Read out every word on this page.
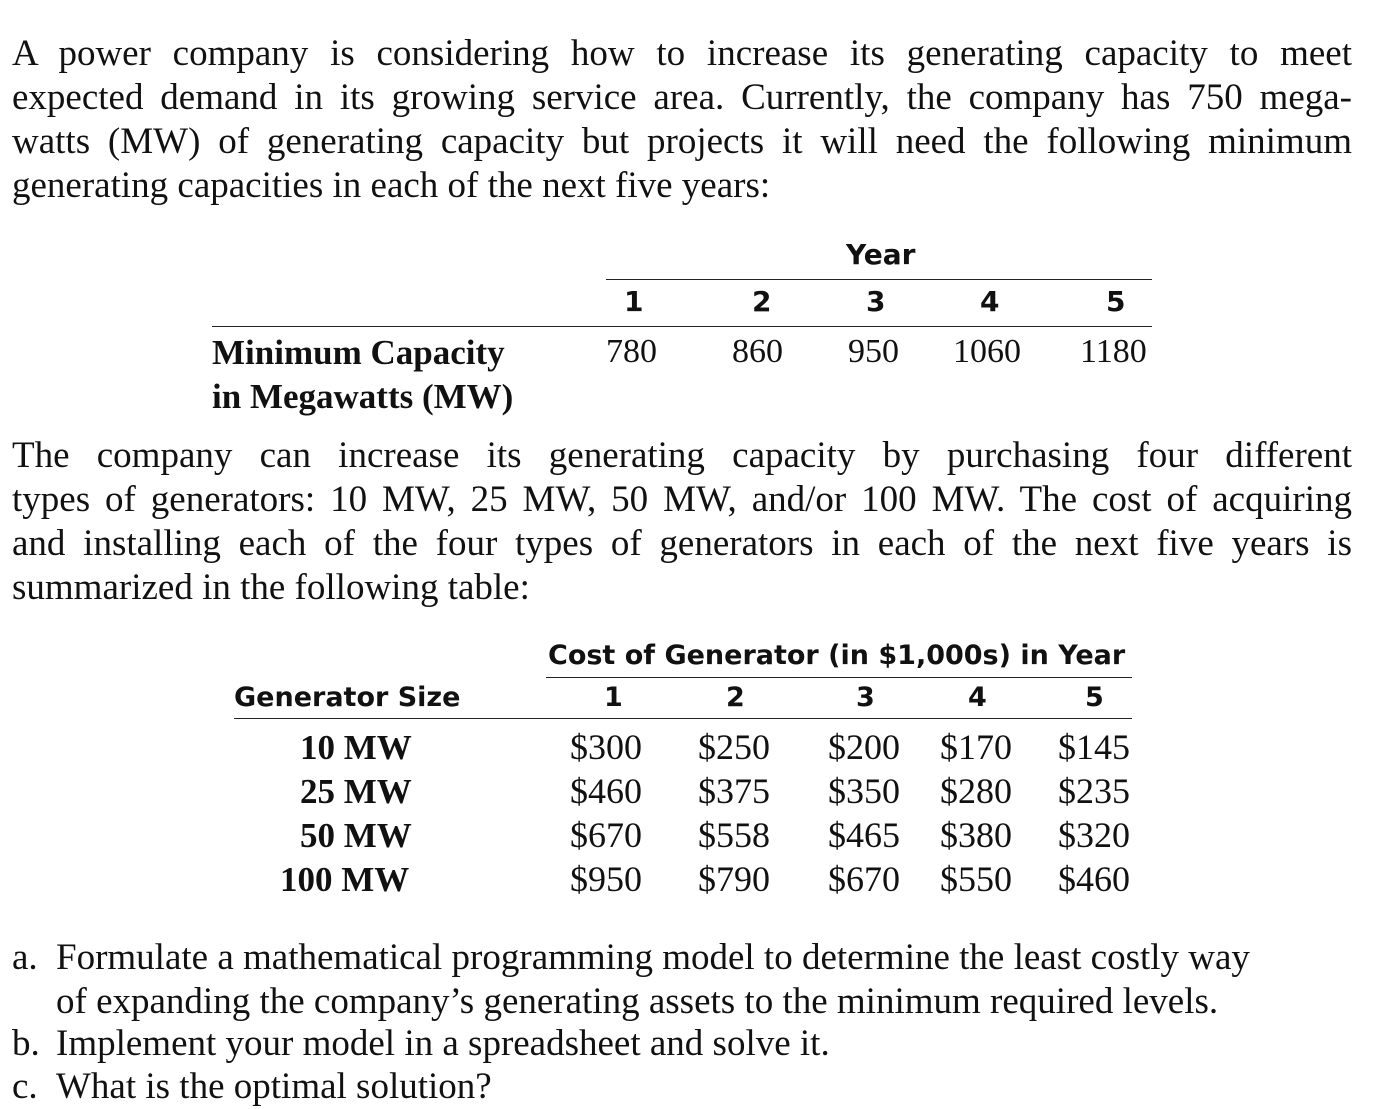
A power company is considering how to increase its generating capacity to meet
expected demand in its growing service area. Currently, the company has 750 mega-
watts (MW) of generating capacity but projects it will need the following minimum
generating capacities in each of the next five years:
Year
1	2	3	4	5
Minimum Capacity
in Megawatts (MW)
780 860 950 1060 1180
The company can increase its generating capacity by purchasing four different
types of generators: 10 MW, 25 MW, 50 MW, and/or 100 MW. The cost of acquiring
and installing each of the four types of generators in each of the next five years is
summarized in the following table:
Cost of Generator (in $1,000s) in Year
Generator Size	1	2	3	4	5
10 MW	$300 $250 $200 $170 $145
25 MW	$460 $375 $350 $280 $235
50 MW	$670 $558 $465 $380 $320
100 MW	$950 $790 $670 $550 $460
a. Formulate a mathematical programming model to determine the least costly way
of expanding the company’s generating assets to the minimum required levels.
b. Implement your model in a spreadsheet and solve it.
c. What is the optimal solution?
